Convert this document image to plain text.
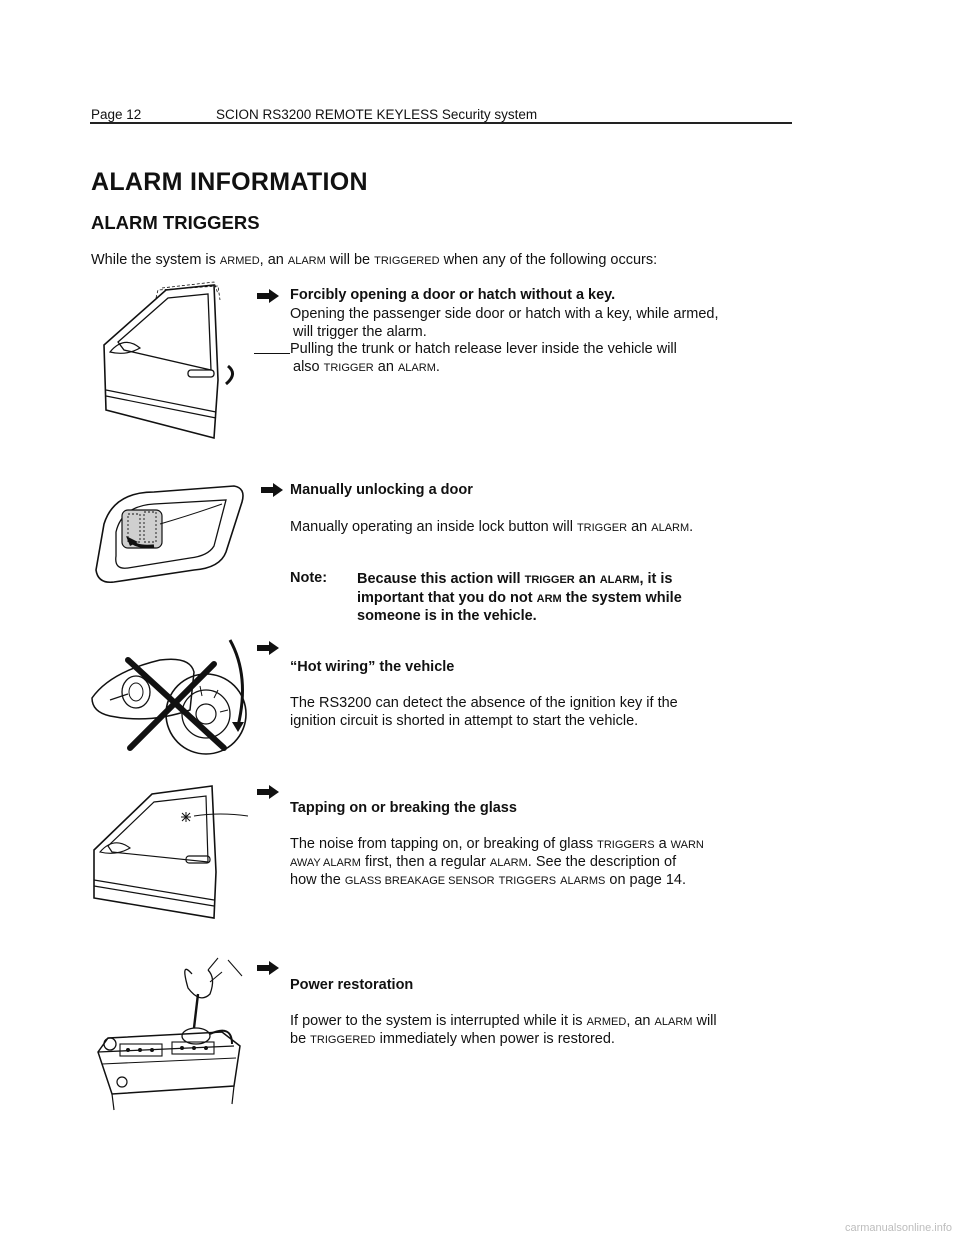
Page 12	SCION RS3200 REMOTE KEYLESS Security system
ALARM INFORMATION
ALARM TRIGGERS
While the system is ARMED, an ALARM will be TRIGGERED when any of the following occurs:
Forcibly opening a door or hatch without a key.
Opening the passenger side door or hatch with a key, while armed,
will trigger the alarm.
Pulling the trunk or hatch release lever inside the vehicle will
also TRIGGER an ALARM.
Manually unlocking a door
Manually operating an inside lock button will TRIGGER an ALARM.
Note: Because this action will TRIGGER an ALARM, it is
important that you do not ARM the system while
someone is in the vehicle.
“Hot wiring” the vehicle
The RS3200 can detect the absence of the ignition key if the
ignition circuit is shorted in attempt to start the vehicle.
Tapping on or breaking the glass
The noise from tapping on, or breaking of glass TRIGGERS a WARN
AWAY ALARM first, then a regular ALARM. See the description of
how the GLASS BREAKAGE SENSOR TRIGGERS ALARMS on page 14.
Power restoration
If power to the system is interrupted while it is ARMED, an ALARM will
be TRIGGERED immediately when power is restored.
carmanualsonline.info
